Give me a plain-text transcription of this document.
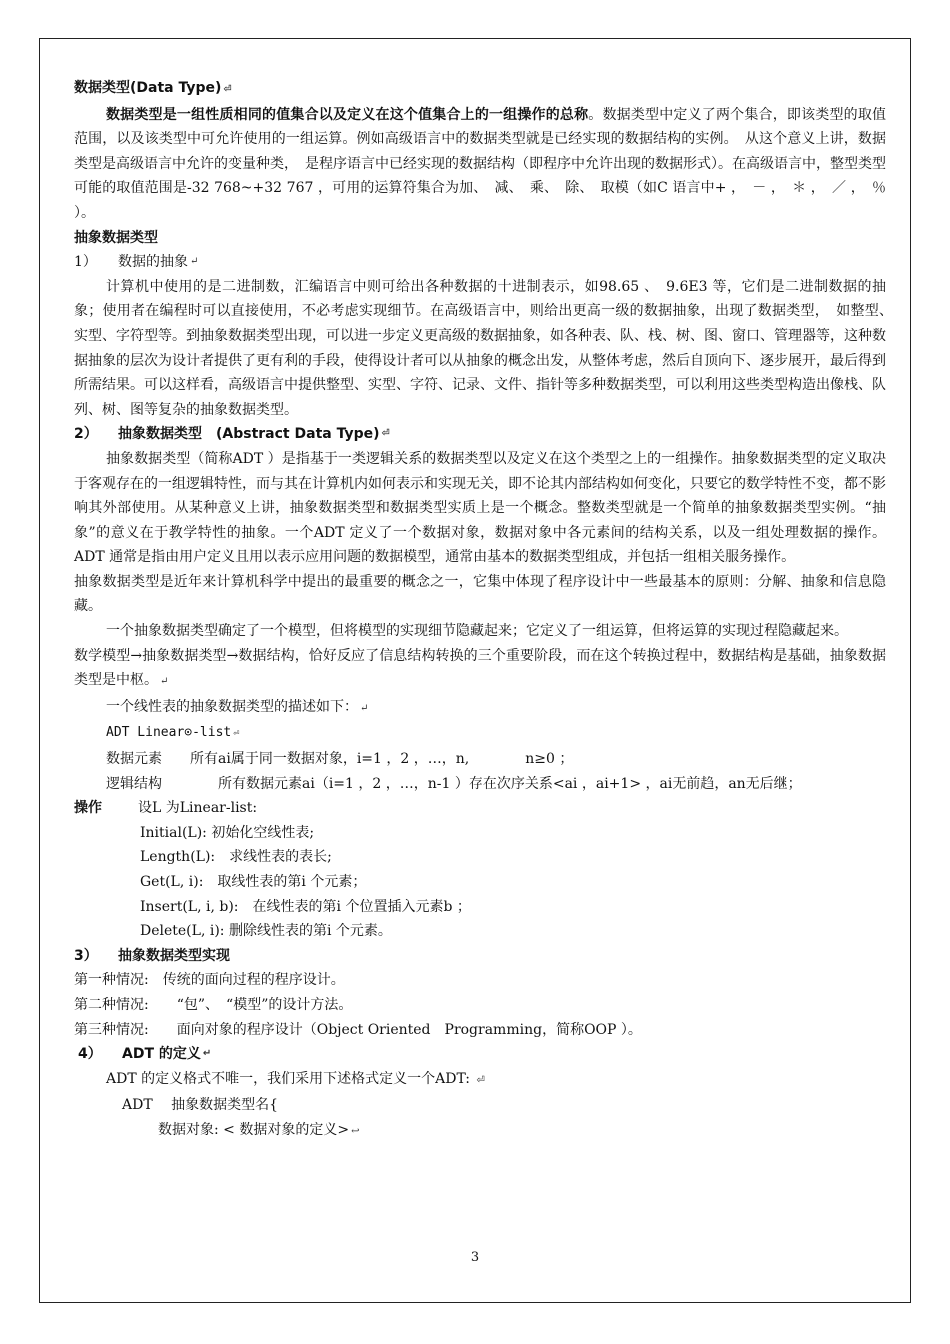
数据类型(Data Type) ⏎

数据类型是一组性质相同的值集合以及定义在这个值集合上的一组操作的总称。数据类型中定义了两个集合，即该类型的取值范围，以及该类型中可允许使用的一组运算。例如高级语言中的数据类型就是已经实现的数据结构的实例。　从这个意义上讲，数据类型是高级语言中允许的变量种类，　是程序语言中已经实现的数据结构（即程序中允许出现的数据形式）。在高级语言中，整型类型可能的取值范围是-32 768~+32 767 ，可用的运算符集合为加、　减、　乘、　除、　取模（如C 语言中+ ，　－ ，　＊ ，　／ ，　％ ）。

抽象数据类型

1）	数据的抽象 ↵

计算机中使用的是二进制数，汇编语言中则可给出各种数据的十进制表示，如98.65 、　9.6E3 等，它们是二进制数据的抽象；使用者在编程时可以直接使用，不必考虑实现细节。在高级语言中，则给出更高一级的数据抽象，出现了数据类型，　如整型、　实型、字符型等。到抽象数据类型出现，可以进一步定义更高级的数据抽象，如各种表、队、栈、树、图、窗口、管理器等，这种数据抽象的层次为设计者提供了更有利的手段，使得设计者可以从抽象的概念出发，从整体考虑，然后自顶向下、逐步展开，最后得到所需结果。可以这样看，高级语言中提供整型、实型、字符、记录、文件、指针等多种数据类型，可以利用这些类型构造出像栈、队列、树、图等复杂的抽象数据类型。

2）	抽象数据类型　(Abstract Data Type) ⏎

抽象数据类型（简称ADT ）是指基于一类逻辑关系的数据类型以及定义在这个类型之上的一组操作。抽象数据类型的定义取决于客观存在的一组逻辑特性，而与其在计算机内如何表示和实现无关，即不论其内部结构如何变化，只要它的数学特性不变，都不影响其外部使用。从某种意义上讲，抽象数据类型和数据类型实质上是一个概念。整数类型就是一个简单的抽象数据类型实例。“抽象”的意义在于教学特性的抽象。一个ADT 定义了一个数据对象，数据对象中各元素间的结构关系，以及一组处理数据的操作。ADT 通常是指由用户定义且用以表示应用问题的数据模型，通常由基本的数据类型组成，并包括一组相关服务操作。

抽象数据类型是近年来计算机科学中提出的最重要的概念之一，它集中体现了程序设计中一些最基本的原则：分解、抽象和信息隐藏。

一个抽象数据类型确定了一个模型，但将模型的实现细节隐藏起来；它定义了一组运算，但将运算的实现过程隐藏起来。

数学模型→抽象数据类型→数据结构，恰好反应了信息结构转换的三个重要阶段，而在这个转换过程中，数据结构是基础，抽象数据类型是中枢。 ↵

一个线性表的抽象数据类型的描述如下： ↵

ADT Linear⊙-list ⏎

数据元素　　 所有ai属于同一数据对象，i=1 ，2 ，…，n,　　　　n≥0 ；

逻辑结构　　　　	所有数据元素ai（i=1 ，2 ，…，n-1 ）存在次序关系<ai ，ai+1> ，ai无前趋，an无后继；

操作	设L 为Linear-list:
Initial(L): 初始化空线性表;
Length(L):　求线性表的表长;
Get(L, i):　取线性表的第i 个元素；
Insert(L, i, b):　在线性表的第i 个位置插入元素b ；
Delete(L, i): 删除线性表的第i 个元素。
3）	抽象数据类型实现
第一种情况:　传统的面向过程的程序设计。
第二种情况:　　“包”、　“模型”的设计方法。
第三种情况:　　面向对象的程序设计（Object Oriented　Programming，简称OOP ）。
4）	ADT 的定义 ↵
ADT 的定义格式不唯一，我们采用下述格式定义一个ADT: ⏎
ADT　 抽象数据类型名{
数据对象: < 数据对象的定义> ↩
3
